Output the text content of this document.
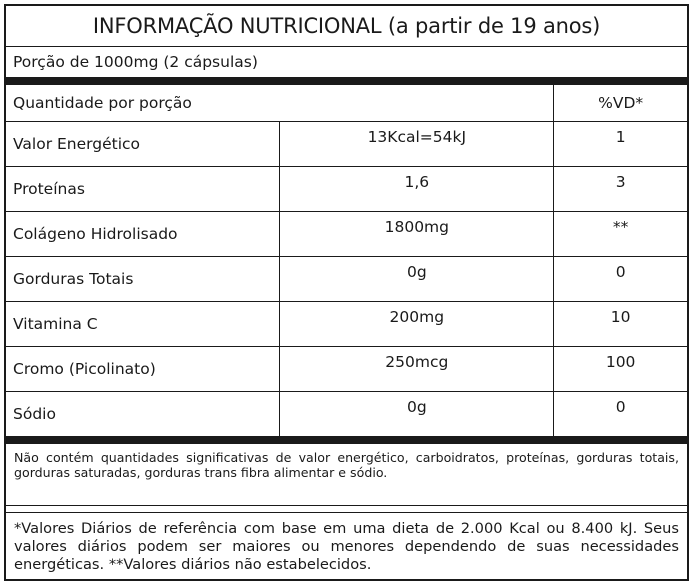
INFORMAÇÃO NUTRICIONAL (a partir de 19 anos)
Porção de 1000mg (2 cápsulas)
Quantidade por porção		%VD*
Valor Energético	13Kcal=54kJ	1
Proteínas	1,6	3
Colágeno Hidrolisado	1800mg	**
Gorduras Totais	0g	0
Vitamina C	200mg	10
Cromo (Picolinato)	250mcg	100
Sódio	0g	0
Não contém quantidades significativas de valor energético, carboidratos, proteínas, gorduras totais, gorduras saturadas, gorduras trans fibra alimentar e sódio.
*Valores Diários de referência com base em uma dieta de 2.000 Kcal ou 8.400 kJ. Seus valores diários podem ser maiores ou menores dependendo de suas necessidades energéticas. **Valores diários não estabelecidos.
